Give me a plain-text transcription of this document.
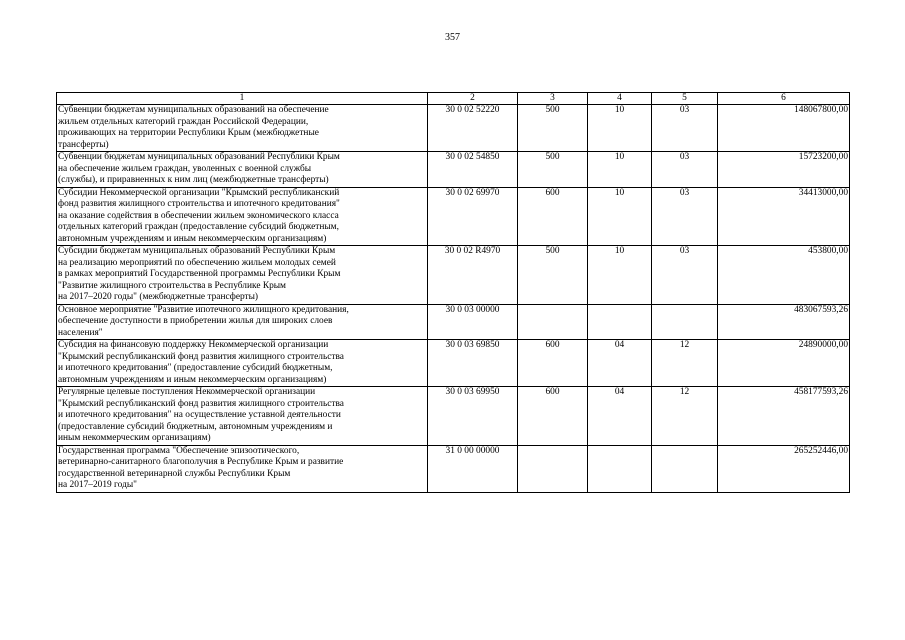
357
1	2	3	4	5	6

Субвенции бюджетам муниципальных образований на обеспечение
жильем отдельных категорий граждан Российской Федерации,
проживающих на территории Республики Крым (межбюджетные
трансферты)	30 0 02 52220	500	10	03	148067800,00

Субвенции бюджетам муниципальных образований Республики Крым
на обеспечение жильем граждан, уволенных с военной службы
(службы), и приравненных к ним лиц (межбюджетные трансферты)	30 0 02 54850	500	10	03	15723200,00

Субсидии Некоммерческой организации "Крымский республиканский
фонд развития жилищного строительства и ипотечного кредитования"
на оказание содействия в обеспечении жильем экономического класса
отдельных категорий граждан (предоставление субсидий бюджетным,
автономным учреждениям и иным некоммерческим организациям)	30 0 02 69970	600	10	03	34413000,00

Субсидии бюджетам муниципальных образований Республики Крым
на реализацию мероприятий по обеспечению жильем молодых семей
в рамках мероприятий Государственной программы Республики Крым
"Развитие жилищного строительства в Республике Крым
на 2017–2020 годы" (межбюджетные трансферты)	30 0 02 R4970	500	10	03	453800,00

Основное мероприятие "Развитие ипотечного жилищного кредитования,
обеспечение доступности в приобретении жилья для широких слоев
населения"	30 0 03 00000				483067593,26

Субсидия на финансовую поддержку Некоммерческой организации
"Крымский республиканский фонд развития жилищного строительства
и ипотечного кредитования" (предоставление субсидий бюджетным,
автономным учреждениям и иным некоммерческим организациям)	30 0 03 69850	600	04	12	24890000,00

Регулярные целевые поступления Некоммерческой организации
"Крымский республиканский фонд развития жилищного строительства
и ипотечного кредитования" на осуществление уставной деятельности
(предоставление субсидий бюджетным, автономным учреждениям и
иным некоммерческим организациям)	30 0 03 69950	600	04	12	458177593,26

Государственная программа "Обеспечение эпизоотического,
ветеринарно-санитарного благополучия в Республике Крым и развитие
государственной ветеринарной службы Республики Крым
на 2017–2019 годы"	31 0 00 00000				265252446,00
